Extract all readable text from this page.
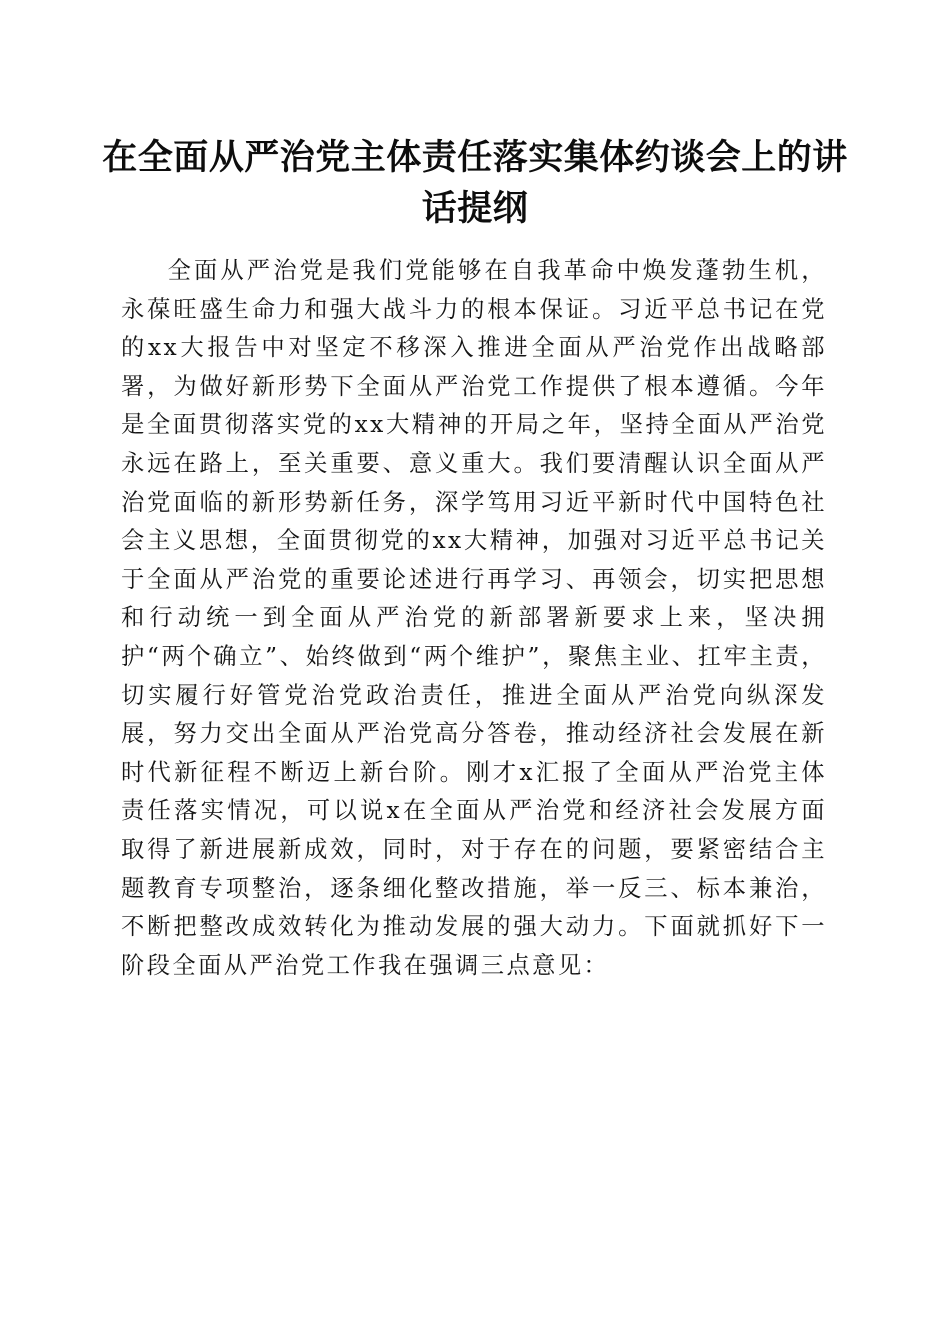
在全面从严治党主体责任落实集体约谈会上的讲话提纲

全面从严治党是我们党能够在自我革命中焕发蓬勃生机，永葆旺盛生命力和强大战斗力的根本保证。习近平总书记在党的xx大报告中对坚定不移深入推进全面从严治党作出战略部署，为做好新形势下全面从严治党工作提供了根本遵循。今年是全面贯彻落实党的xx大精神的开局之年，坚持全面从严治党永远在路上，至关重要、意义重大。我们要清醒认识全面从严治党面临的新形势新任务，深学笃用习近平新时代中国特色社会主义思想，全面贯彻党的xx大精神，加强对习近平总书记关于全面从严治党的重要论述进行再学习、再领会，切实把思想和行动统一到全面从严治党的新部署新要求上来，坚决拥护“两个确立”、始终做到“两个维护”，聚焦主业、扛牢主责，切实履行好管党治党政治责任，推进全面从严治党向纵深发展，努力交出全面从严治党高分答卷，推动经济社会发展在新时代新征程不断迈上新台阶。刚才x汇报了全面从严治党主体责任落实情况，可以说x在全面从严治党和经济社会发展方面取得了新进展新成效，同时，对于存在的问题，要紧密结合主题教育专项整治，逐条细化整改措施，举一反三、标本兼治，不断把整改成效转化为推动发展的强大动力。下面就抓好下一阶段全面从严治党工作我在强调三点意见：
